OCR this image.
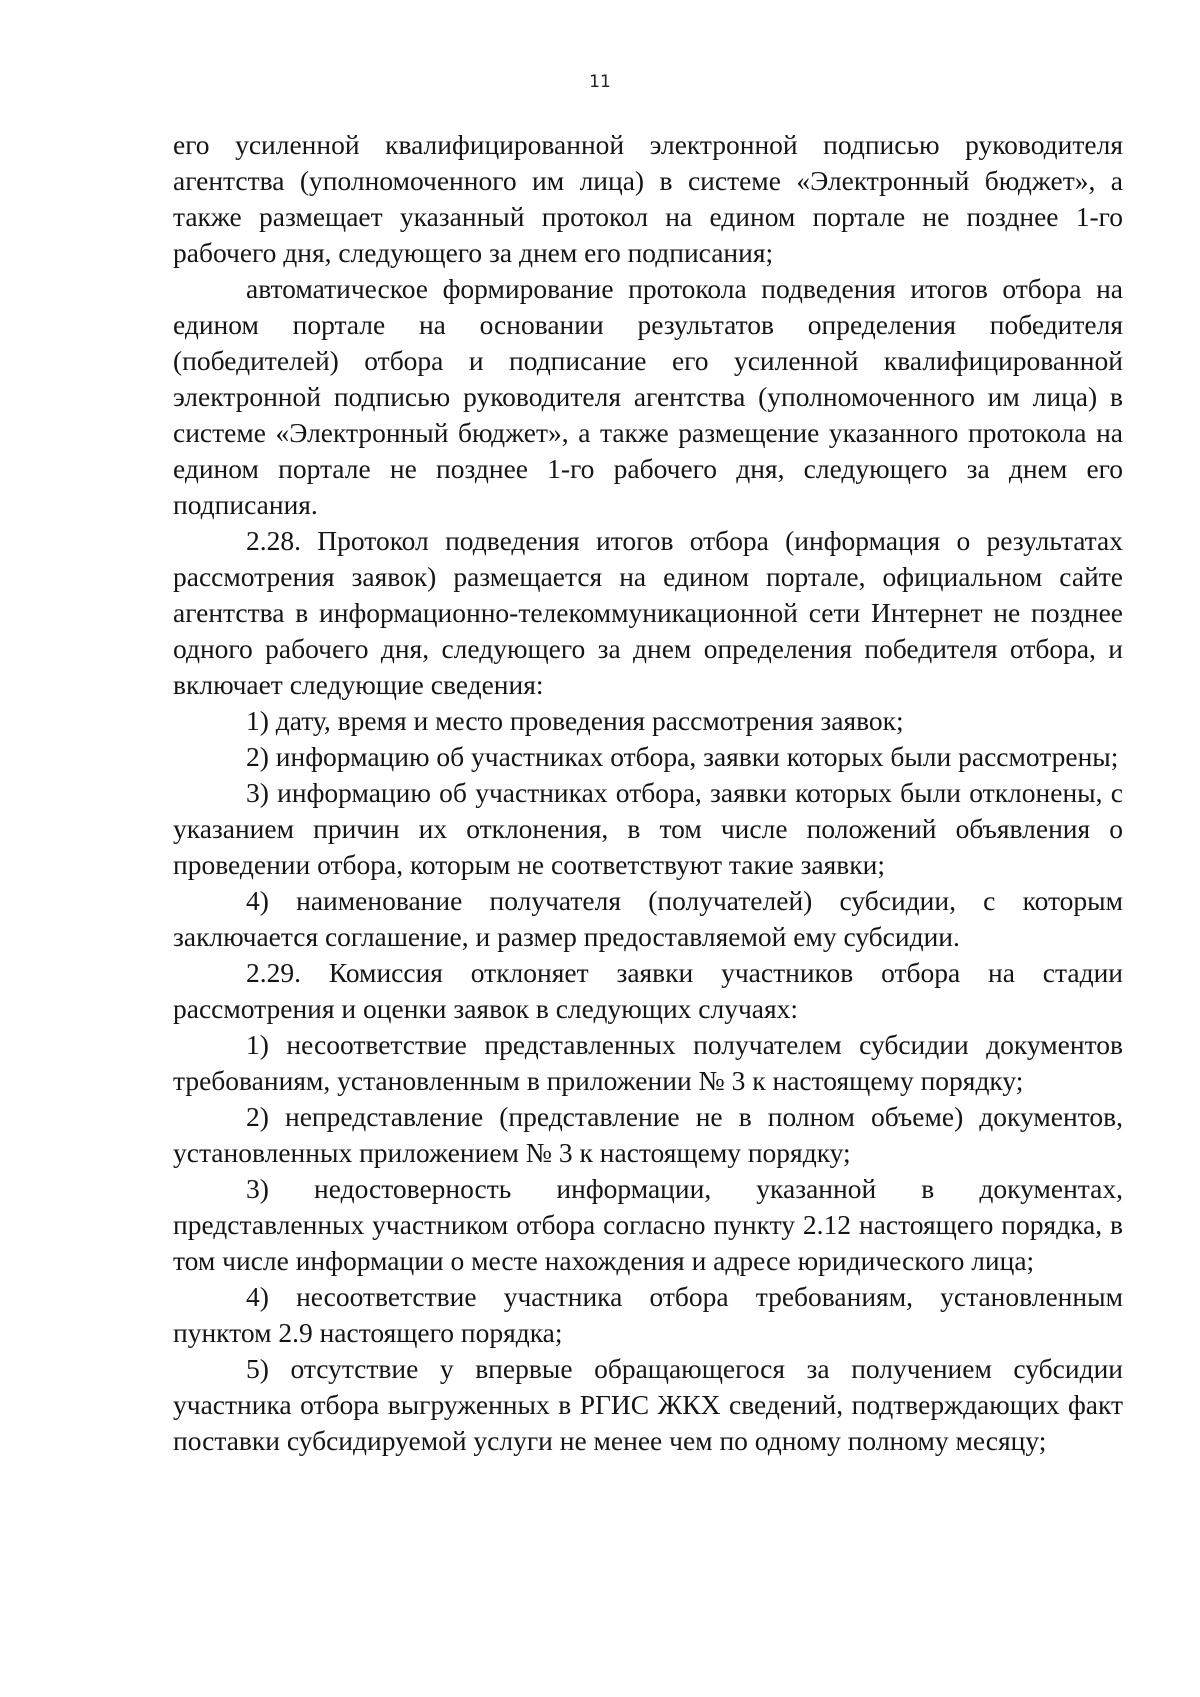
11

его усиленной квалифицированной электронной подписью руководителя агентства (уполномоченного им лица) в системе «Электронный бюджет», а также размещает указанный протокол на едином портале не позднее 1-го рабочего дня, следующего за днем его подписания;

автоматическое формирование протокола подведения итогов отбора на едином портале на основании результатов определения победителя (победителей) отбора и подписание его усиленной квалифицированной электронной подписью руководителя агентства (уполномоченного им лица) в системе «Электронный бюджет», а также размещение указанного протокола на едином портале не позднее 1-го рабочего дня, следующего за днем его подписания.

2.28. Протокол подведения итогов отбора (информация о результатах рассмотрения заявок) размещается на едином портале, официальном сайте агентства в информационно-телекоммуникационной сети Интернет не позднее одного рабочего дня, следующего за днем определения победителя отбора, и включает следующие сведения:

1) дату, время и место проведения рассмотрения заявок;

2) информацию об участниках отбора, заявки которых были рассмотрены;

3) информацию об участниках отбора, заявки которых были отклонены, с указанием причин их отклонения, в том числе положений объявления о проведении отбора, которым не соответствуют такие заявки;

4) наименование получателя (получателей) субсидии, с которым заключается соглашение, и размер предоставляемой ему субсидии.

2.29. Комиссия отклоняет заявки участников отбора на стадии рассмотрения и оценки заявок в следующих случаях:

1) несоответствие представленных получателем субсидии документов требованиям, установленным в приложении № 3 к настоящему порядку;

2) непредставление (представление не в полном объеме) документов, установленных приложением № 3 к настоящему порядку;

3) недостоверность информации, указанной в документах, представленных участником отбора согласно пункту 2.12 настоящего порядка, в том числе информации о месте нахождения и адресе юридического лица;

4) несоответствие участника отбора требованиям, установленным пунктом 2.9 настоящего порядка;

5) отсутствие у впервые обращающегося за получением субсидии участника отбора выгруженных в РГИС ЖКХ сведений, подтверждающих факт поставки субсидируемой услуги не менее чем по одному полному месяцу;
